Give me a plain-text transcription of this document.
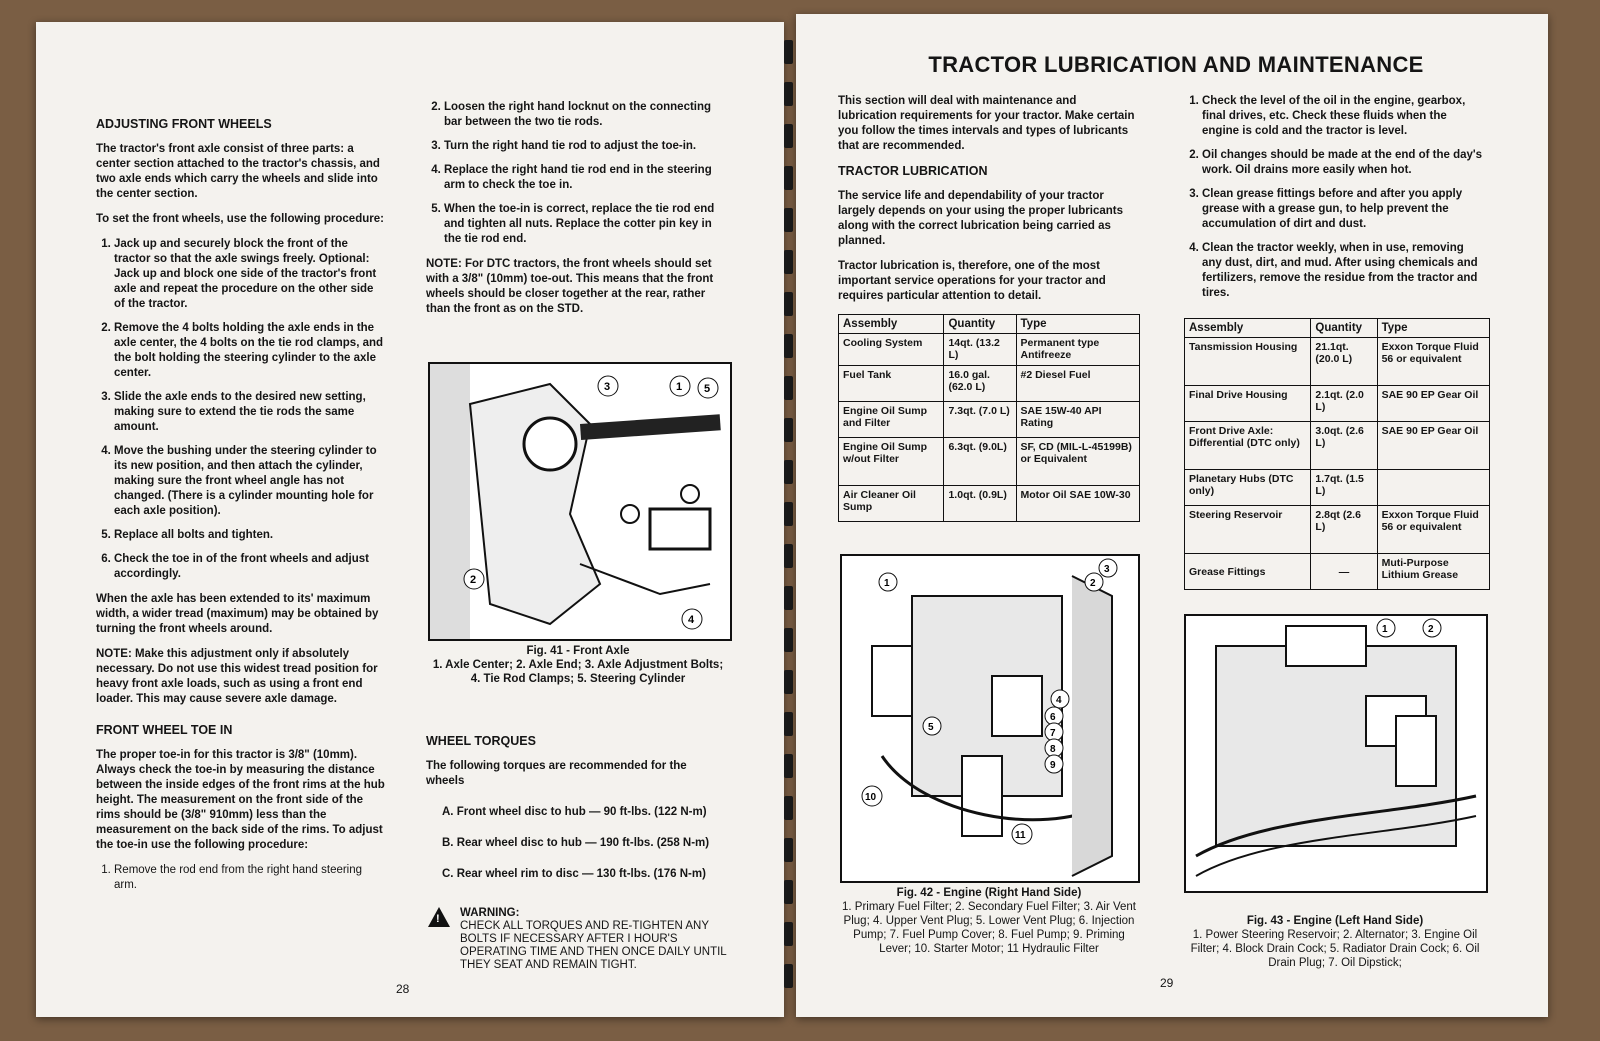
ADJUSTING FRONT WHEELS

The tractor's front axle consist of three parts: a center section attached to the tractor's chassis, and two axle ends which carry the wheels and slide into the center section.

To set the front wheels, use the following procedure:

1. Jack up and securely block the front of the tractor so that the axle swings freely. Optional: Jack up and block one side of the tractor's front axle and repeat the procedure on the other side of the tractor.
2. Remove the 4 bolts holding the axle ends in the axle center, the 4 bolts on the tie rod clamps, and the bolt holding the steering cylinder to the axle center.
3. Slide the axle ends to the desired new setting, making sure to extend the tie rods the same amount.
4. Move the bushing under the steering cylinder to its new position, and then attach the cylinder, making sure the front wheel angle has not changed. (There is a cylinder mounting hole for each axle position).
5. Replace all bolts and tighten.
6. Check the toe in of the front wheels and adjust accordingly.

When the axle has been extended to its' maximum width, a wider tread (maximum) may be obtained by turning the front wheels around.

NOTE: Make this adjustment only if absolutely necessary. Do not use this widest tread position for heavy front axle loads, such as using a front end loader. This may cause severe axle damage.

FRONT WHEEL TOE IN

The proper toe-in for this tractor is 3/8" (10mm). Always check the toe-in by measuring the distance between the inside edges of the front rims at the hub height. The measurement on the front side of the rims should be (3/8" 910mm) less than the measurement on the back side of the rims. To adjust the toe-in use the following procedure:

1. Remove the rod end from the right hand steering arm.
2. Loosen the right hand locknut on the connecting bar between the two tie rods.
3. Turn the right hand tie rod to adjust the toe-in.
4. Replace the right hand tie rod end in the steering arm to check the toe in.
5. When the toe-in is correct, replace the tie rod end and tighten all nuts. Replace the cotter pin key in the tie rod end.

NOTE: For DTC tractors, the front wheels should set with a 3/8" (10mm) toe-out. This means that the front wheels should be closer together at the rear, rather than the front as on the STD.

3	1 5
2
4
Fig. 41 - Front Axle
1. Axle Center; 2. Axle End; 3. Axle Adjustment Bolts; 4. Tie Rod Clamps; 5. Steering Cylinder
WHEEL TORQUES

The following torques are recommended for the wheels

A. Front wheel disc to hub — 90 ft-lbs. (122 N-m)

B. Rear wheel disc to hub — 190 ft-lbs. (258 N-m)

C. Rear wheel rim to disc — 130 ft-lbs. (176 N-m)

! WARNING:
CHECK ALL TORQUES AND RE-TIGHTEN ANY BOLTS IF NECESSARY AFTER I HOUR'S OPERATING TIME AND THEN ONCE DAILY UNTIL THEY SEAT AND REMAIN TIGHT.
28
TRACTOR LUBRICATION AND MAINTENANCE

This section will deal with maintenance and lubrication requirements for your tractor. Make certain you follow the times intervals and types of lubricants that are recommended.

TRACTOR LUBRICATION

The service life and dependability of your tractor largely depends on your using the proper lubricants along with the correct lubrication being carried as planned.

Tractor lubrication is, therefore, one of the most important service operations for your tractor and requires particular attention to detail.

Assembly	Quantity	Type
Cooling System	14qt. (13.2 L)	Permanent type Antifreeze
Fuel Tank	16.0 gal. (62.0 L)	#2 Diesel Fuel
Engine Oil Sump and Filter	7.3qt. (7.0 L)	SAE 15W-40 API Rating
Engine Oil Sump w/out Filter	6.3qt. (9.0L)	SF, CD (MIL-L-45199B) or Equivalent
Air Cleaner Oil Sump	1.0qt. (0.9L)	Motor Oil SAE 10W-30
1	2
3
4
5
6
7
8
9
10
11
Fig. 42 - Engine (Right Hand Side)
1. Primary Fuel Filter; 2. Secondary Fuel Filter; 3. Air Vent Plug; 4. Upper Vent Plug; 5. Lower Vent Plug; 6. Injection Pump; 7. Fuel Pump Cover; 8. Fuel Pump; 9. Priming Lever; 10. Starter Motor; 11 Hydraulic Filter
1. Check the level of the oil in the engine, gearbox, final drives, etc. Check these fluids when the engine is cold and the tractor is level.
2. Oil changes should be made at the end of the day's work. Oil drains more easily when hot.
3. Clean grease fittings before and after you apply grease with a grease gun, to help prevent the accumulation of dirt and dust.
4. Clean the tractor weekly, when in use, removing any dust, dirt, and mud. After using chemicals and fertilizers, remove the residue from the tractor and tires.
Assembly	Quantity	Type
Tansmission Housing	21.1qt. (20.0 L)	Exxon Torque Fluid 56 or equivalent
Final Drive Housing	2.1qt. (2.0 L)	SAE 90 EP Gear Oil
Front Drive Axle: Differential (DTC only)	3.0qt. (2.6 L)	SAE 90 EP Gear Oil
Planetary Hubs (DTC only)	1.7qt. (1.5 L)	
Steering Reservoir	2.8qt (2.6 L)	Exxon Torque Fluid 56 or equivalent
Grease Fittings	—	Muti-Purpose Lithium Grease
1	2
Fig. 43 - Engine (Left Hand Side)
1. Power Steering Reservoir; 2. Alternator; 3. Engine Oil Filter; 4. Block Drain Cock; 5. Radiator Drain Cock; 6. Oil Drain Plug; 7. Oil Dipstick;
29
